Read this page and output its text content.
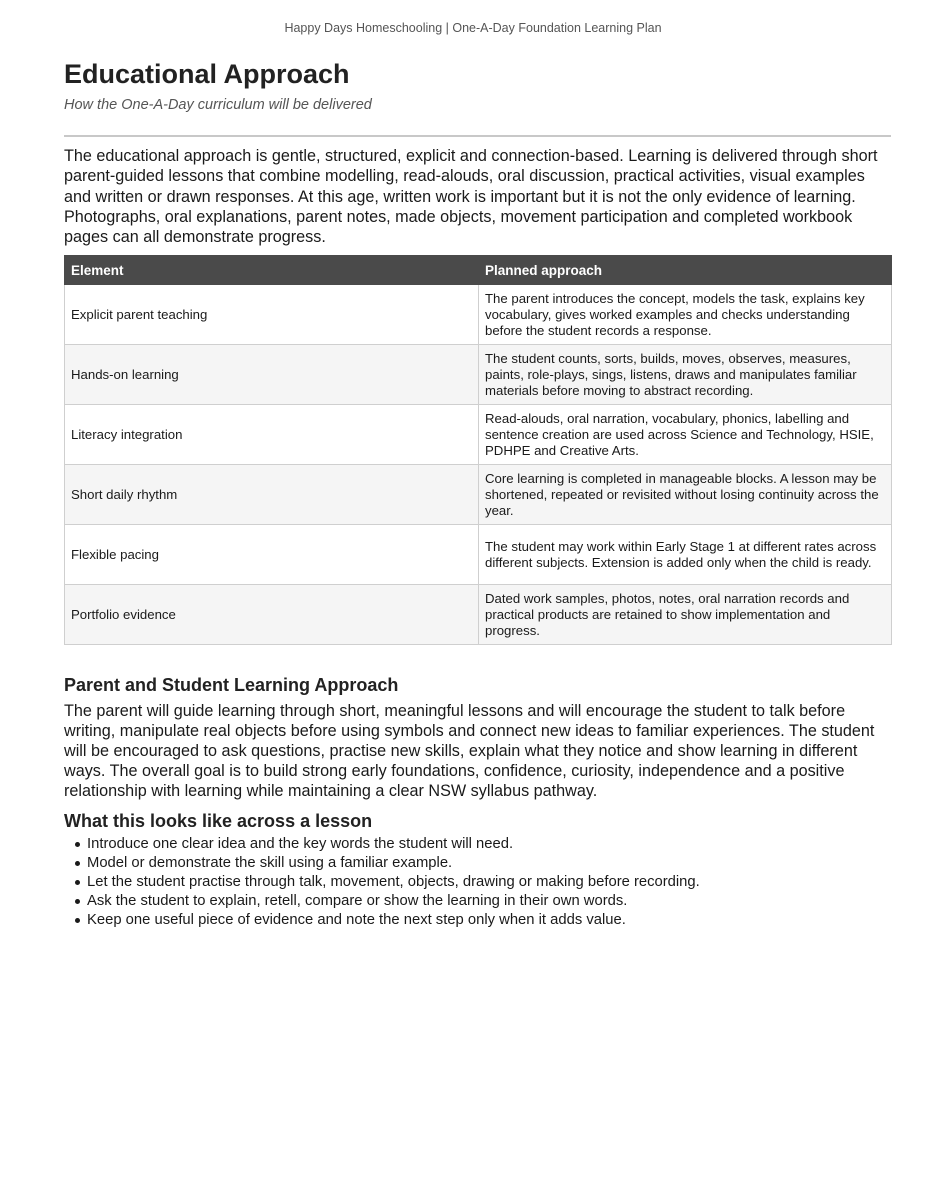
Happy Days Homeschooling | One-A-Day Foundation Learning Plan
Educational Approach
How the One-A-Day curriculum will be delivered

The educational approach is gentle, structured, explicit and connection-based. Learning is delivered through short parent-guided lessons that combine modelling, read-alouds, oral discussion, practical activities, visual examples and written or drawn responses. At this age, written work is important but it is not the only evidence of learning. Photographs, oral explanations, parent notes, made objects, movement participation and completed workbook pages can all demonstrate progress.

Element	Planned approach
Explicit parent teaching	The parent introduces the concept, models the task, explains key vocabulary, gives worked examples and checks understanding before the student records a response.
Hands-on learning	The student counts, sorts, builds, moves, observes, measures, paints, role-plays, sings, listens, draws and manipulates familiar materials before moving to abstract recording.
Literacy integration	Read-alouds, oral narration, vocabulary, phonics, labelling and sentence creation are used across Science and Technology, HSIE, PDHPE and Creative Arts.
Short daily rhythm	Core learning is completed in manageable blocks. A lesson may be shortened, repeated or revisited without losing continuity across the year.
Flexible pacing	The student may work within Early Stage 1 at different rates across different subjects. Extension is added only when the child is ready.
Portfolio evidence	Dated work samples, photos, notes, oral narration records and practical products are retained to show implementation and progress.
Parent and Student Learning Approach

The parent will guide learning through short, meaningful lessons and will encourage the student to talk before writing, manipulate real objects before using symbols and connect new ideas to familiar experiences. The student will be encouraged to ask questions, practise new skills, explain what they notice and show learning in different ways. The overall goal is to build strong early foundations, confidence, curiosity, independence and a positive relationship with learning while maintaining a clear NSW syllabus pathway.

What this looks like across a lesson
Introduce one clear idea and the key words the student will need.
Model or demonstrate the skill using a familiar example.
Let the student practise through talk, movement, objects, drawing or making before recording.
Ask the student to explain, retell, compare or show the learning in their own words.
Keep one useful piece of evidence and note the next step only when it adds value.
